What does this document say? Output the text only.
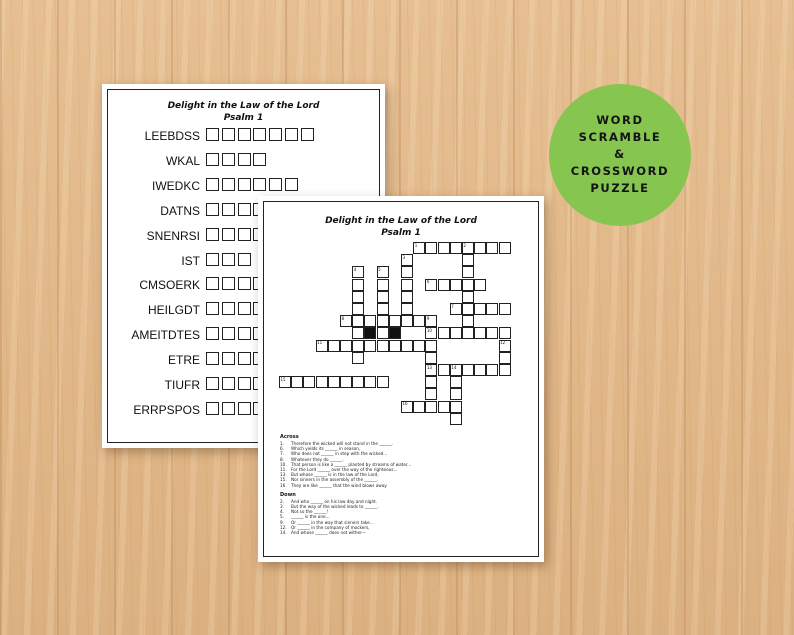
Delight in the Law of the Lord

Psalm 1

LEEBDSS
WKAL
IWEDKC
DATNS
SNENRSI
IST
CMSOERK
HEILGDT
AMEITDTES
ETRE
TIUFR
ERRPSPOS

Delight in the Law of the Lord

Psalm 1

1	2
3
4	5
6
7
8	9
10
11	12
13	14
15
16

Across

1. Therefore the wicked will not stand in the ______.
6. Which yields its ______ in season,
7. Who does not ______ in step with the wicked...
8. Whatever they do ______.
10. That person is like a ______ planted by streams of water...
11. For the Lord ______ over the way of the righteous...
13. But whose ______ is in the law of the Lord,
15. Nor sinners in the assembly of the ______.
16. They are like ______ that the wind blows away.

Down

2. And who ______ on his law day and night.
3. But the way of the wicked leads to ______.
4. Not so the ______!
5. ______ is the one...
9. Or ______ in the way that sinners take...
12. Or ______ in the company of mockers,
14. And whose ______ does not wither—
WORD
SCRAMBLE
&
CROSSWORD
PUZZLE
